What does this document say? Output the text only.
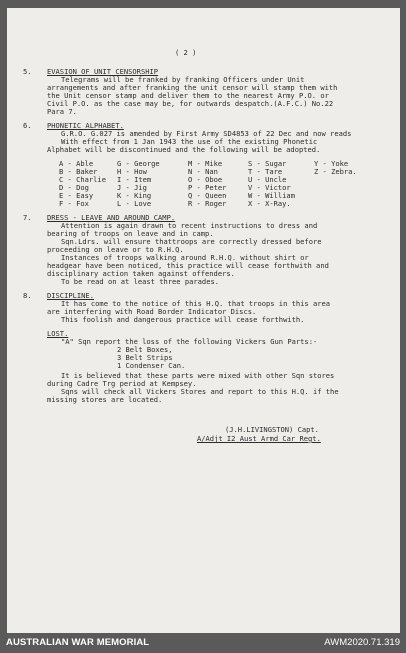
( 2 )
5. EVASION OF UNIT CENSORSHIP
Telegrams will be franked by franking Officers under Unit
arrangements and after franking the unit censor will stamp them with
the Unit censor stamp and deliver them to the nearest Army P.O. or
Civil P.O. as the case may be, for outwards despatch.(A.F.C.) No.22
Para 7.
6. PHONETIC ALPHABET.
G.R.O. G.027 is amended by First Army SD4853 of 22 Dec and now reads
With effect from 1 Jan 1943 the use of the existing Phonetic
Alphabet will be discontinued and the following will be adopted.
A - Able	G - George	M - Mike	S - Sugar	Y - Yoke
B - Baker	H - How	N - Nan	T - Tare	Z - Zebra.
C - Charlie I - Item	O - Oboe	U - Uncle
D - Dog	J - Jig	P - Peter	V - Victor
E - Easy	K - King	Q - Queen	W - William
F - Fox	L - Love	R - Roger	X - X-Ray.
7. DRESS - LEAVE AND AROUND CAMP.
Attention is again drawn to recent instructions to dress and
bearing of troops on leave and in camp.
Sqn.Ldrs. will ensure thattroops are correctly dressed before
proceeding on leave or to R.H.Q.
Instances of troops walking around R.H.Q. without shirt or
headgear have been noticed, this practice will cease forthwith and
disciplinary action taken against offenders.
To be read on at least three parades.
8. DISCIPLINE.
It has come to the notice of this H.Q. that troops in this area
are interfering with Road Border Indicator Discs.
This foolish and dangerous practice will cease forthwith.
LOST.
"A" Sqn report the loss of the following Vickers Gun Parts:-
2 Belt Boxes,
3 Belt Strips
1 Condenser Can.
It is believed that these parts were mixed with other Sqn stores
during Cadre Trg period at Kempsey.
Sqns will check all Vickers Stores and report to this H.Q. if the
missing stores are located.
(J.H.LIVINGSTON) Capt.
A/Adjt I2 Aust Armd Car Regt.
AUSTRALIAN WAR MEMORIAL	AWM2020.71.319
